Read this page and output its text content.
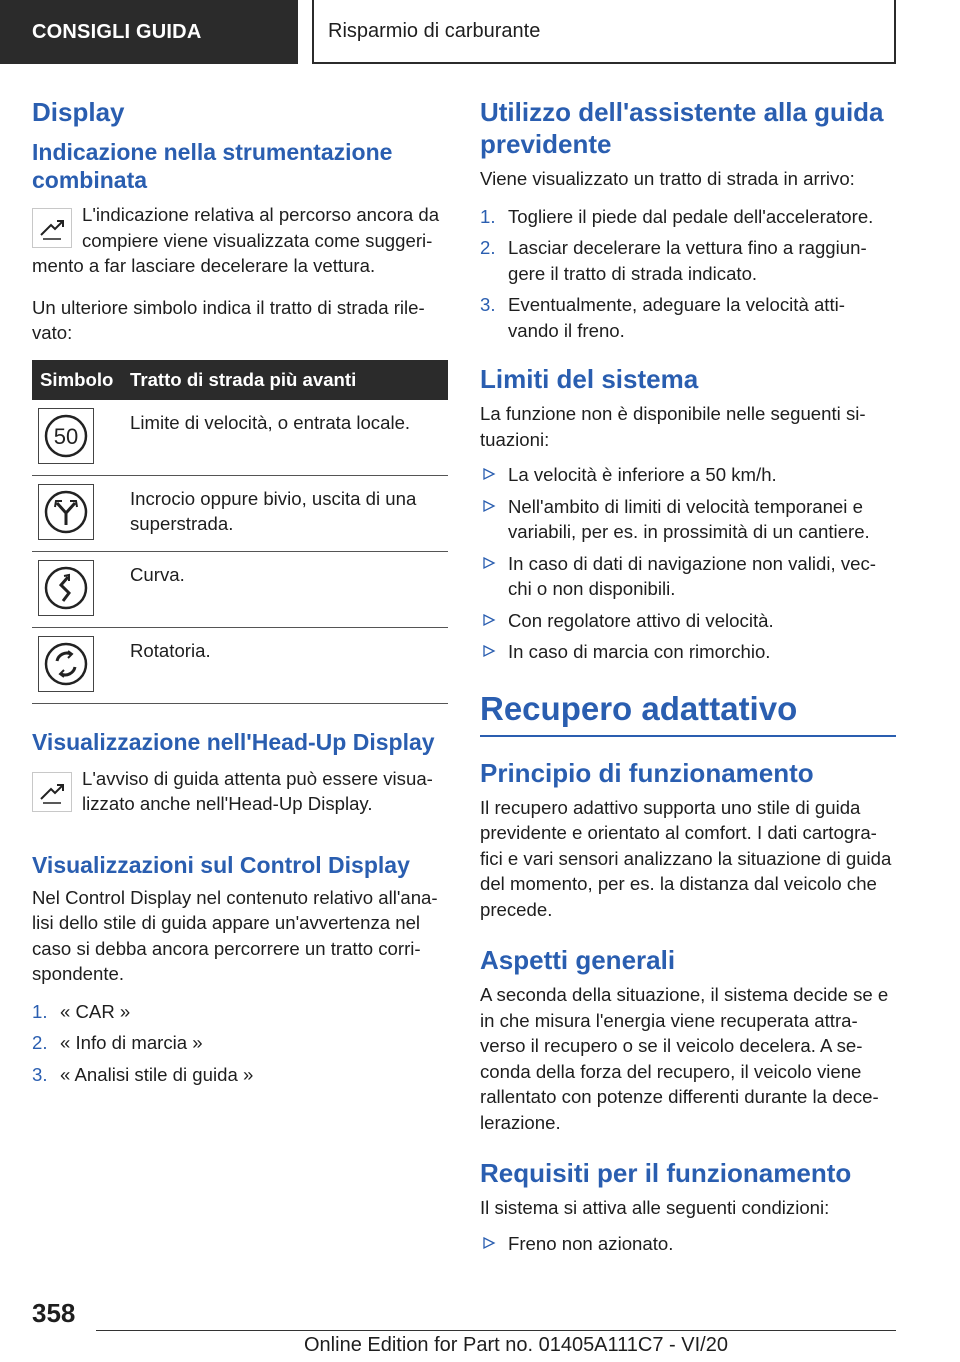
CONSIGLI GUIDA	Risparmio di carburante
Display
Indicazione nella strumentazione combinata
L'indicazione relativa al percorso ancora da compiere viene visualizzata come suggeri-

mento a far lasciare decelerare la vettura.

Un ulteriore simbolo indica il tratto di strada rile- vato:

Simbolo	Tratto di strada più avanti

50	Limite di velocità, o entrata locale.

	Incrocio oppure bivio, uscita di una superstrada.

	Curva.

	Rotatoria.
Visualizzazione nell'Head-Up Display
L'avviso di guida attenta può essere visua- lizzato anche nell'Head-Up Display.
Visualizzazioni sul Control Display

Nel Control Display nel contenuto relativo all'ana- lisi dello stile di guida appare un'avvertenza nel caso si debba ancora percorrere un tratto corri- spondente.

1. « CAR »
2. « Info di marcia »
3. « Analisi stile di guida »
Utilizzo dell'assistente alla guida previdente

Viene visualizzato un tratto di strada in arrivo:

1. Togliere il piede dal pedale dell'acceleratore.
2. Lasciar decelerare la vettura fino a raggiun- gere il tratto di strada indicato.
3. Eventualmente, adeguare la velocità atti- vando il freno.
Limiti del sistema

La funzione non è disponibile nelle seguenti si- tuazioni:

La velocità è inferiore a 50 km/h.
Nell'ambito di limiti di velocità temporanei e variabili, per es. in prossimità di un cantiere.
In caso di dati di navigazione non validi, vec- chi o non disponibili.
Con regolatore attivo di velocità.
In caso di marcia con rimorchio.
Recupero adattativo
Principio di funzionamento

Il recupero adattivo supporta uno stile di guida previdente e orientato al comfort. I dati cartogra- fici e vari sensori analizzano la situazione di guida del momento, per es. la distanza dal veicolo che precede.

Aspetti generali

A seconda della situazione, il sistema decide se e in che misura l'energia viene recuperata attra- verso il recupero o se il veicolo decelera. A se- conda della forza del recupero, il veicolo viene rallentato con potenze differenti durante la dece- lerazione.

Requisiti per il funzionamento

Il sistema si attiva alle seguenti condizioni:

Freno non azionato.
358
Online Edition for Part no. 01405A111C7 - VI/20
